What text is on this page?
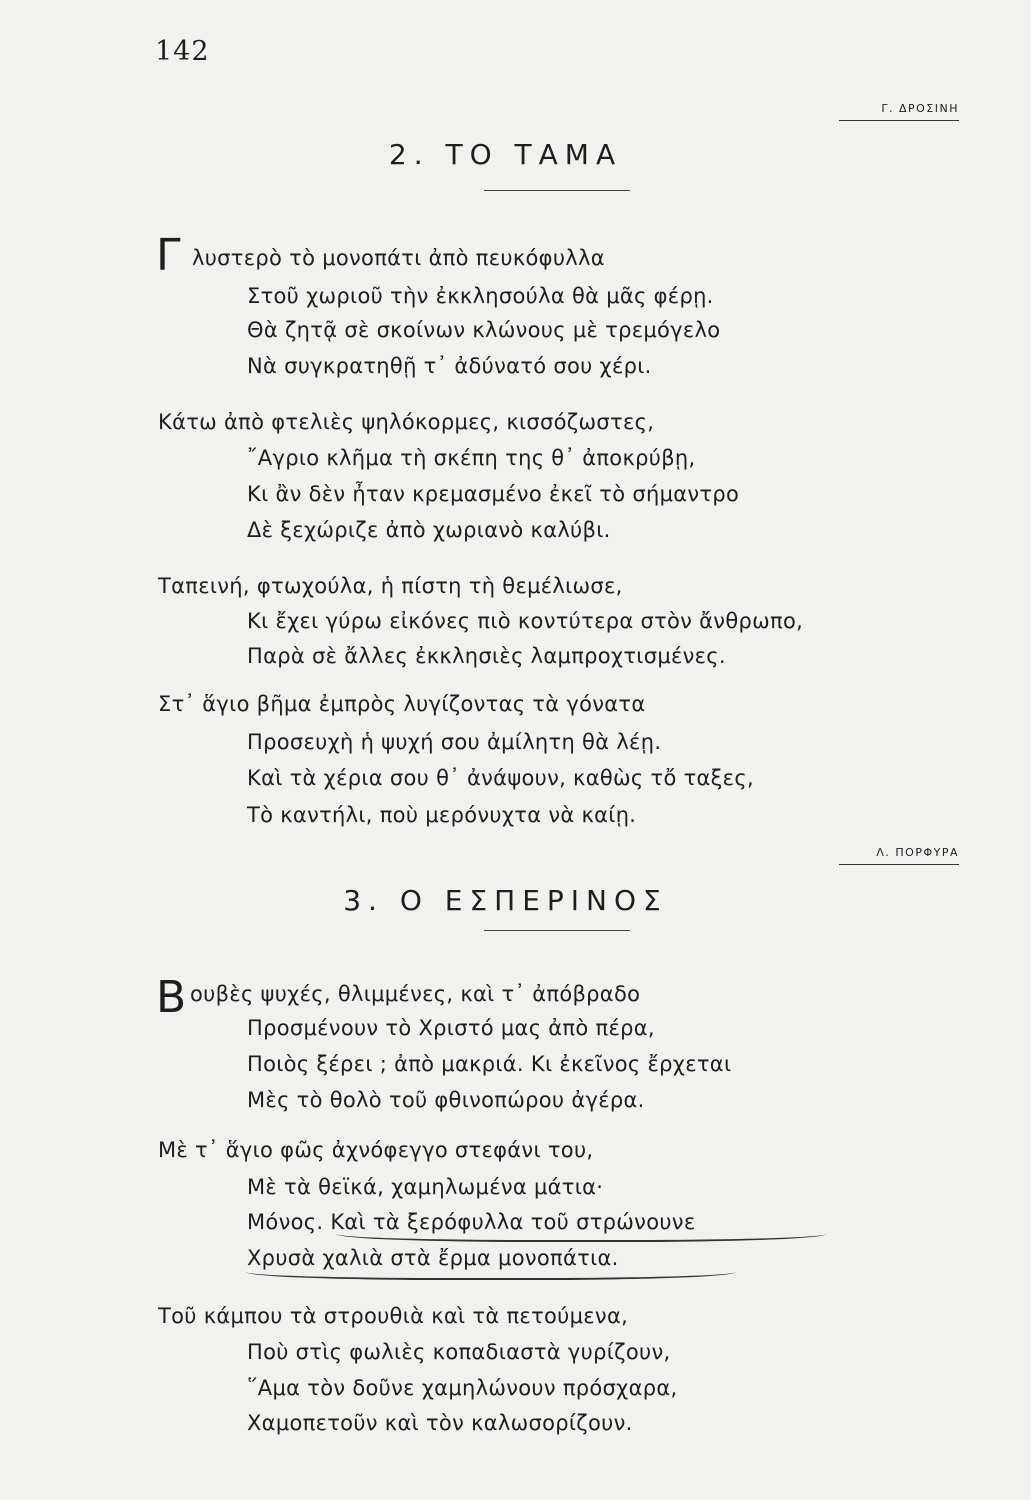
142
Γ. ΔΡΟΣΙΝΗ
2. ΤΟ ΤΑΜΑ
Γ λυστερὸ τὸ μονοπάτι ἀπὸ πευκόφυλλα
Στοῦ χωριοῦ τὴν ἐκκλησούλα θὰ μᾶς φέρῃ.
Θὰ ζητᾷ σὲ σκοίνων κλώνους μὲ τρεμόγελο
Νὰ συγκρατηθῇ τ᾽ ἀδύνατό σου χέρι.
Κάτω ἀπὸ φτελιὲς ψηλόκορμες, κισσόζωστες,
῎Αγριο κλῆμα τὴ σκέπη της θ᾽ ἀποκρύβῃ,
Κι ἂν δὲν ἦταν κρεμασμένο ἐκεῖ τὸ σήμαντρο
Δὲ ξεχώριζε ἀπὸ χωριανὸ καλύβι.
Ταπεινή, φτωχούλα, ἡ πίστη τὴ θεμέλιωσε,
Κι ἔχει γύρω εἰκόνες πιὸ κοντύτερα στὸν ἄνθρωπο,
Παρὰ σὲ ἄλλες ἐκκλησιὲς λαμπροχτισμένες.
Στ᾽ ἅγιο βῆμα ἐμπρὸς λυγίζοντας τὰ γόνατα
Προσευχὴ ἡ ψυχή σου ἀμίλητη θὰ λέῃ.
Καὶ τὰ χέρια σου θ᾽ ἀνάψουν, καθὼς τὄ ταξες,
Τὸ καντήλι, ποὺ μερόνυχτα νὰ καίῃ.
Λ. ΠΟΡΦΥΡΑ
3. Ο ΕΣΠΕΡΙΝΟΣ
Β ουβὲς ψυχές, θλιμμένες, καὶ τ᾽ ἀπόβραδο
Προσμένουν τὸ Χριστό μας ἀπὸ πέρα,
Ποιὸς ξέρει ; ἀπὸ μακριά. Κι ἐκεῖνος ἔρχεται
Μὲς τὸ θολὸ τοῦ φθινοπώρου ἀγέρα.
Μὲ τ᾽ ἅγιο φῶς ἀχνόφεγγο στεφάνι του,
Μὲ τὰ θεϊκά, χαμηλωμένα μάτια·
Μόνος. Καὶ τὰ ξερόφυλλα τοῦ στρώνουνε
Χρυσὰ χαλιὰ στὰ ἔρμα μονοπάτια.
Τοῦ κάμπου τὰ στρουθιὰ καὶ τὰ πετούμενα,
Ποὺ στὶς φωλιὲς κοπαδιαστὰ γυρίζουν,
῞Αμα τὸν δοῦνε χαμηλώνουν πρόσχαρα,
Χαμοπετοῦν καὶ τὸν καλωσορίζουν.
